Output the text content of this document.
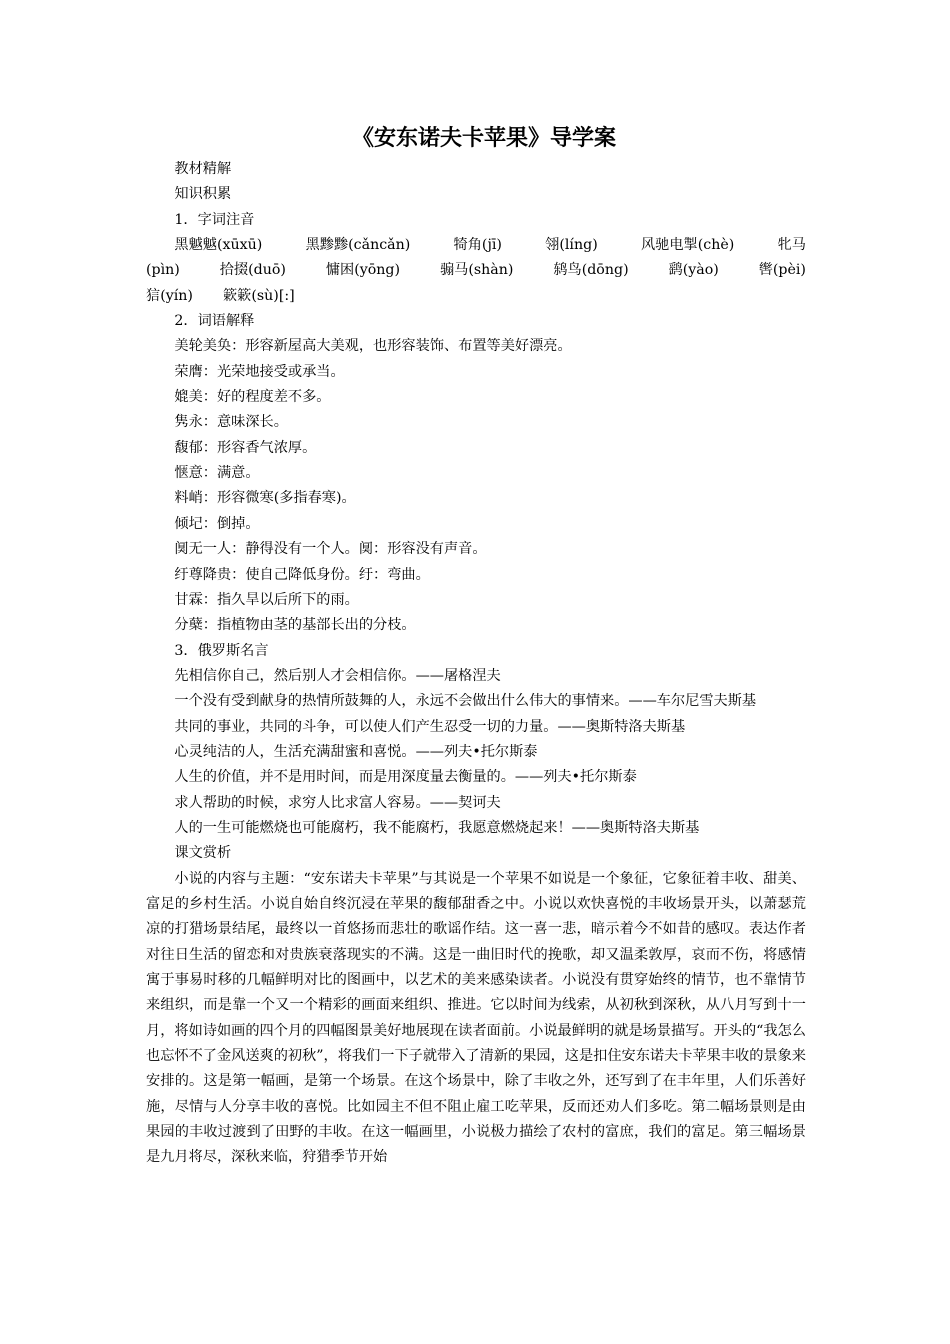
《安东诺夫卡苹果》导学案

教材精解

知识积累

1．字词注音

黑魆魆(xūxū)	黑黪黪(cǎncǎn)	犄角(jī)	翎(líng)	风驰电掣(chè)	牝马
(pìn)	拾掇(duō)	慵困(yōng)	骟马(shàn)	鸫鸟(dōng)	鹞(yào)	辔(pèi)
狺(yín) 簌簌(sù)[:]

2．词语解释

美轮美奂：形容新屋高大美观，也形容装饰、布置等美好漂亮。

荣膺：光荣地接受或承当。

媲美：好的程度差不多。

隽永：意味深长。

馥郁：形容香气浓厚。

惬意：满意。

料峭：形容微寒(多指春寒)。

倾圮：倒掉。

阒无一人：静得没有一个人。阒：形容没有声音。

纡尊降贵：使自己降低身份。纡：弯曲。

甘霖：指久旱以后所下的雨。

分蘖：指植物由茎的基部长出的分枝。

3．俄罗斯名言

先相信你自己，然后别人才会相信你。——屠格涅夫

一个没有受到献身的热情所鼓舞的人，永远不会做出什么伟大的事情来。——车尔尼雪夫斯基

共同的事业，共同的斗争，可以使人们产生忍受一切的力量。——奥斯特洛夫斯基

心灵纯洁的人，生活充满甜蜜和喜悦。——列夫•托尔斯泰

人生的价值，并不是用时间，而是用深度量去衡量的。——列夫•托尔斯泰

求人帮助的时候，求穷人比求富人容易。——契诃夫

人的一生可能燃烧也可能腐朽，我不能腐朽，我愿意燃烧起来！——奥斯特洛夫斯基

课文赏析

小说的内容与主题：“安东诺夫卡苹果”与其说是一个苹果不如说是一个象征，它象征着丰收、甜美、富足的乡村生活。小说自始自终沉浸在苹果的馥郁甜香之中。小说以欢快喜悦的丰收场景开头，以萧瑟荒凉的打猎场景结尾，最终以一首悠扬而悲壮的歌谣作结。这一喜一悲，暗示着今不如昔的感叹。表达作者对往日生活的留恋和对贵族衰落现实的不满。这是一曲旧时代的挽歌，却又温柔敦厚，哀而不伤，将感情寓于事易时移的几幅鲜明对比的图画中，以艺术的美来感染读者。小说没有贯穿始终的情节，也不靠情节来组织，而是靠一个又一个精彩的画面来组织、推进。它以时间为线索，从初秋到深秋，从八月写到十一月，将如诗如画的四个月的四幅图景美好地展现在读者面前。小说最鲜明的就是场景描写。开头的“我怎么也忘怀不了金风送爽的初秋”，将我们一下子就带入了清新的果园，这是扣住安东诺夫卡苹果丰收的景象来安排的。这是第一幅画，是第一个场景。在这个场景中，除了丰收之外，还写到了在丰年里，人们乐善好施，尽情与人分享丰收的喜悦。比如园主不但不阻止雇工吃苹果，反而还劝人们多吃。第二幅场景则是由果园的丰收过渡到了田野的丰收。在这一幅画里，小说极力描绘了农村的富庶，我们的富足。第三幅场景是九月将尽，深秋来临，狩猎季节开始
